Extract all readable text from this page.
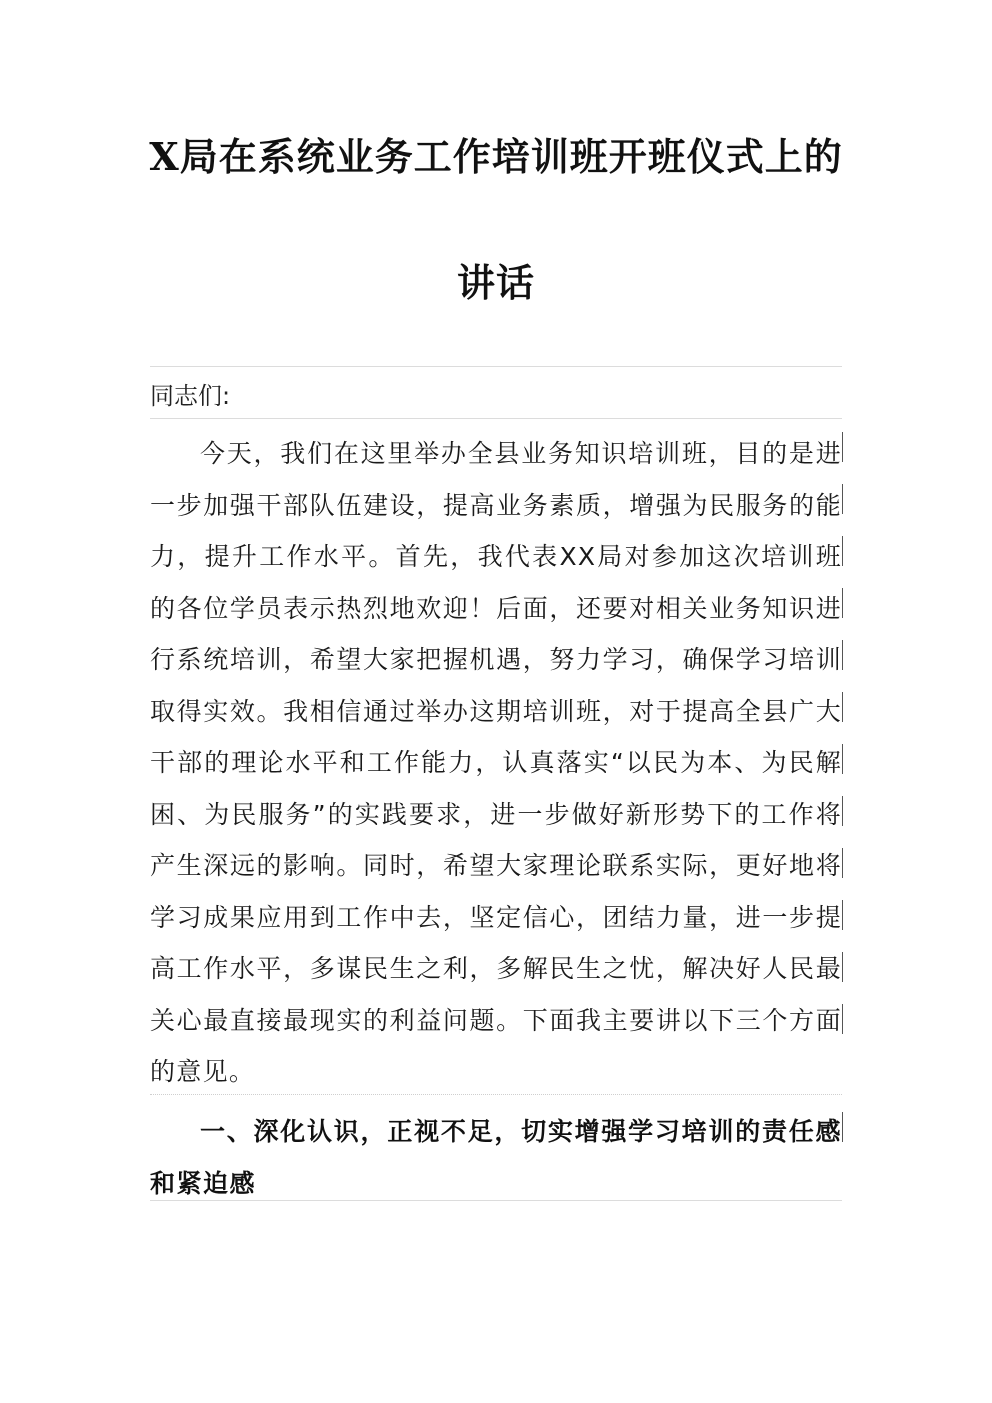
X局在系统业务工作培训班开班仪式上的
讲话
同志们:

今天，我们在这里举办全县业务知识培训班，目的是进一步加强干部队伍建设，提高业务素质，增强为民服务的能力，提升工作水平。首先，我代表XX局对参加这次培训班的各位学员表示热烈地欢迎！后面，还要对相关业务知识进行系统培训，希望大家把握机遇，努力学习，确保学习培训取得实效。我相信通过举办这期培训班，对于提高全县广大干部的理论水平和工作能力，认真落实“以民为本、为民解困、为民服务”的实践要求，进一步做好新形势下的工作将产生深远的影响。同时，希望大家理论联系实际，更好地将学习成果应用到工作中去，坚定信心，团结力量，进一步提高工作水平，多谋民生之利，多解民生之忧，解决好人民最关心最直接最现实的利益问题。下面我主要讲以下三个方面的意见。

一、深化认识，正视不足，切实增强学习培训的责任感和紧迫感
